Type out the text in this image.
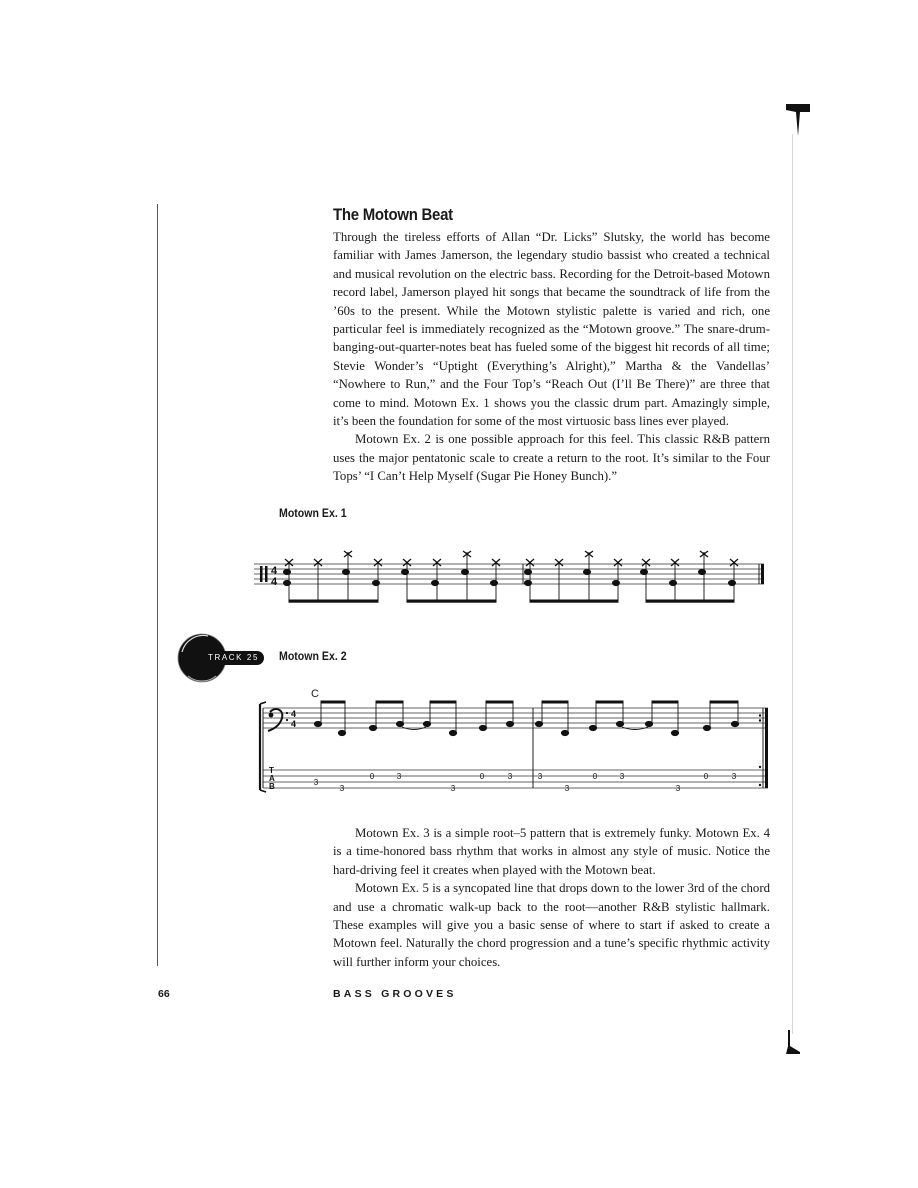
The Motown Beat

Through the tireless efforts of Allan “Dr. Licks” Slutsky, the world has become familiar with James Jamerson, the legendary studio bassist who created a technical and musical revolution on the electric bass. Recording for the Detroit-based Motown record label, Jamerson played hit songs that became the soundtrack of life from the ’60s to the present. While the Motown stylistic palette is varied and rich, one particular feel is immediately recognized as the “Motown groove.” The snare-drum-banging-out-quarter-notes beat has fueled some of the biggest hit records of all time; Stevie Wonder’s “Uptight (Everything’s Alright),” Martha & the Vandellas’ “Nowhere to Run,” and the Four Top’s “Reach Out (I’ll Be There)” are three that come to mind. Motown Ex. 1 shows you the classic drum part. Amazingly simple, it’s been the foundation for some of the most virtuosic bass lines ever played.

Motown Ex. 2 is one possible approach for this feel. This classic R&B pattern uses the major pentatonic scale to create a return to the root. It’s similar to the Four Tops’ “I Can’t Help Myself (Sugar Pie Honey Bunch).”

Motown Ex. 1
4
4
TRACK 25 Motown Ex. 2
C
4
4
T
A
B	3
3
0	3
3
0	3	3
3
0	3
3
0	3

Motown Ex. 3 is a simple root–5 pattern that is extremely funky. Motown Ex. 4 is a time-honored bass rhythm that works in almost any style of music. Notice the hard-driving feel it creates when played with the Motown beat.

Motown Ex. 5 is a syncopated line that drops down to the lower 3rd of the chord and use a chromatic walk-up back to the root—another R&B stylistic hallmark. These examples will give you a basic sense of where to start if asked to create a Motown feel. Naturally the chord progression and a tune’s specific rhythmic activity will further inform your choices.

66	BASS GROOVES
